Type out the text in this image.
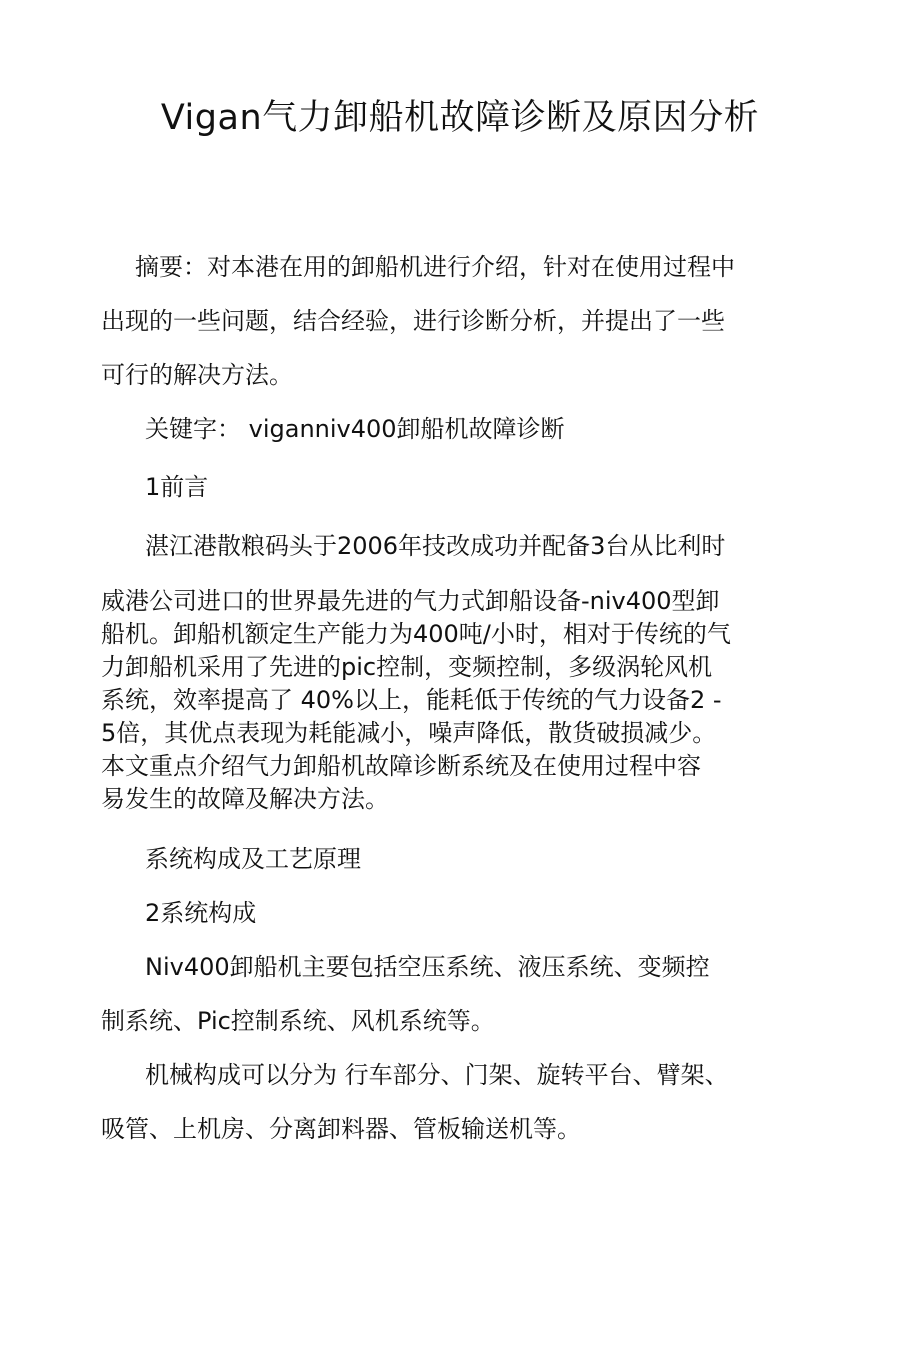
Vigan气力卸船机故障诊断及原因分析

摘要：对本港在用的卸船机进行介绍，针对在使用过程中
出现的一些问题，结合经验，进行诊断分析，并提出了一些
可行的解决方法。

关键字： viganniv400卸船机故障诊断

1前言

湛江港散粮码头于2006年技改成功并配备3台从比利时

威港公司进口的世界最先进的气力式卸船设备-niv400型卸
船机。卸船机额定生产能力为400吨/小时，相对于传统的气
力卸船机采用了先进的pic控制，变频控制，多级涡轮风机
系统，效率提高了 40%以上，能耗低于传统的气力设备2 -
5倍，其优点表现为耗能减小，噪声降低，散货破损减少。
本文重点介绍气力卸船机故障诊断系统及在使用过程中容
易发生的故障及解决方法。

系统构成及工艺原理

2系统构成

Niv400卸船机主要包括空压系统、液压系统、变频控
制系统、Pic控制系统、风机系统等。

机械构成可以分为 行车部分、门架、旋转平台、臂架、
吸管、上机房、分离卸料器、管板输送机等。
